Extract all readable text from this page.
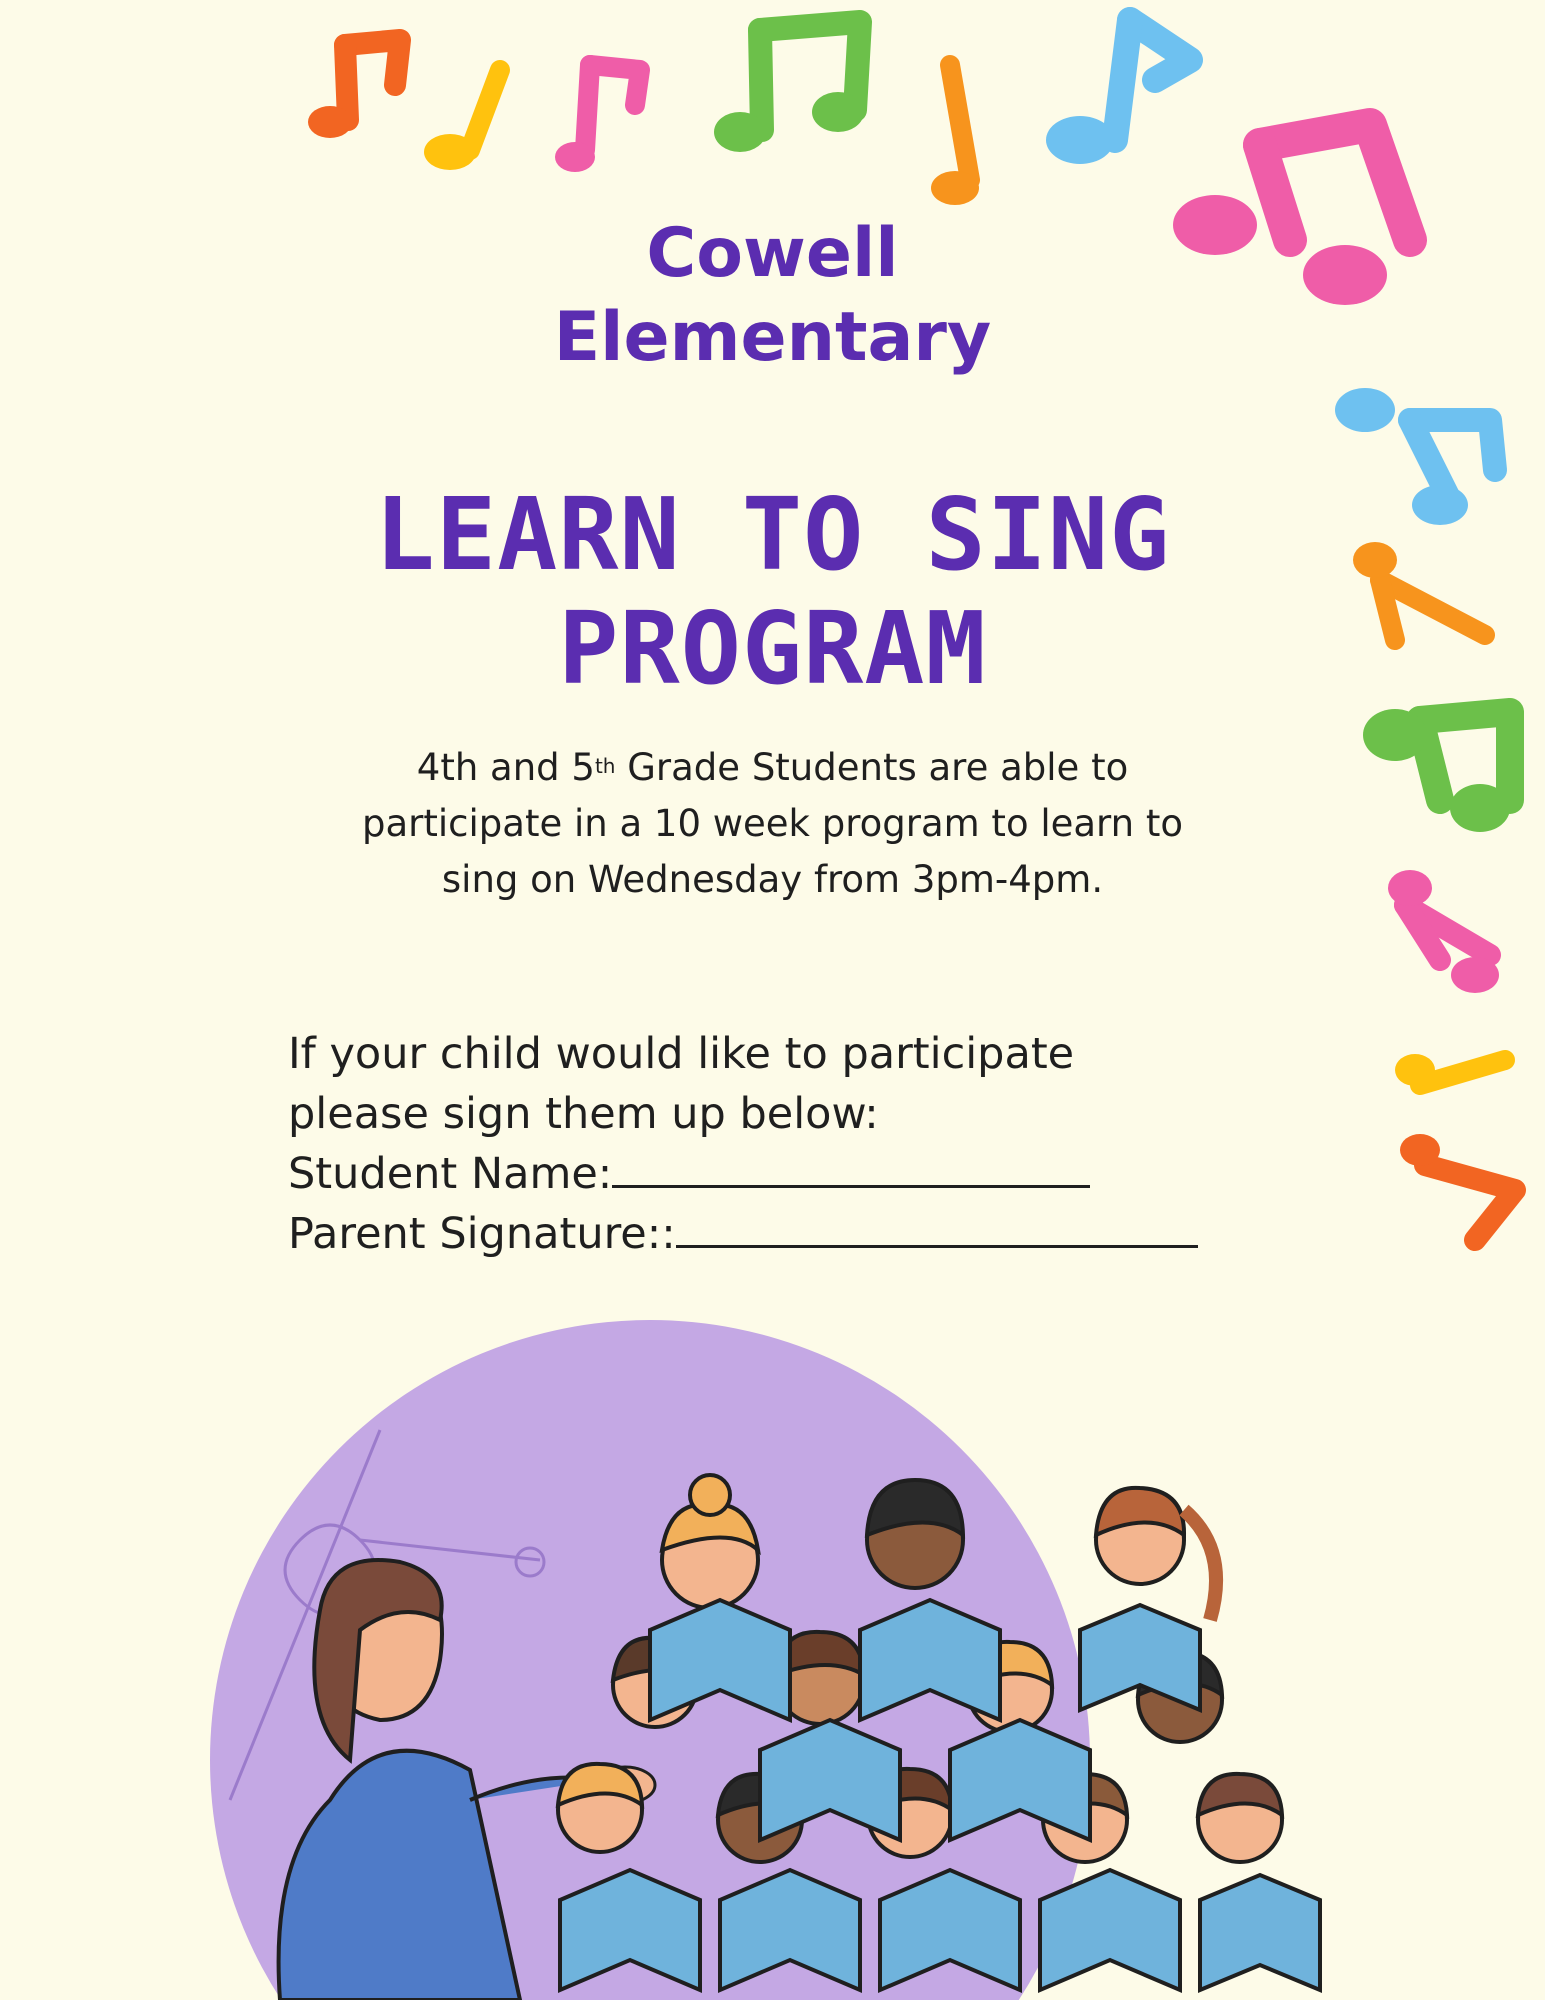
Cowell
Elementary
LEARN TO SING
PROGRAM
4th and 5th Grade Students are able to
participate in a 10 week program to learn to
sing on Wednesday from 3pm-4pm.
If your child would like to participate
please sign them up below:
Student Name:
Parent Signature::
